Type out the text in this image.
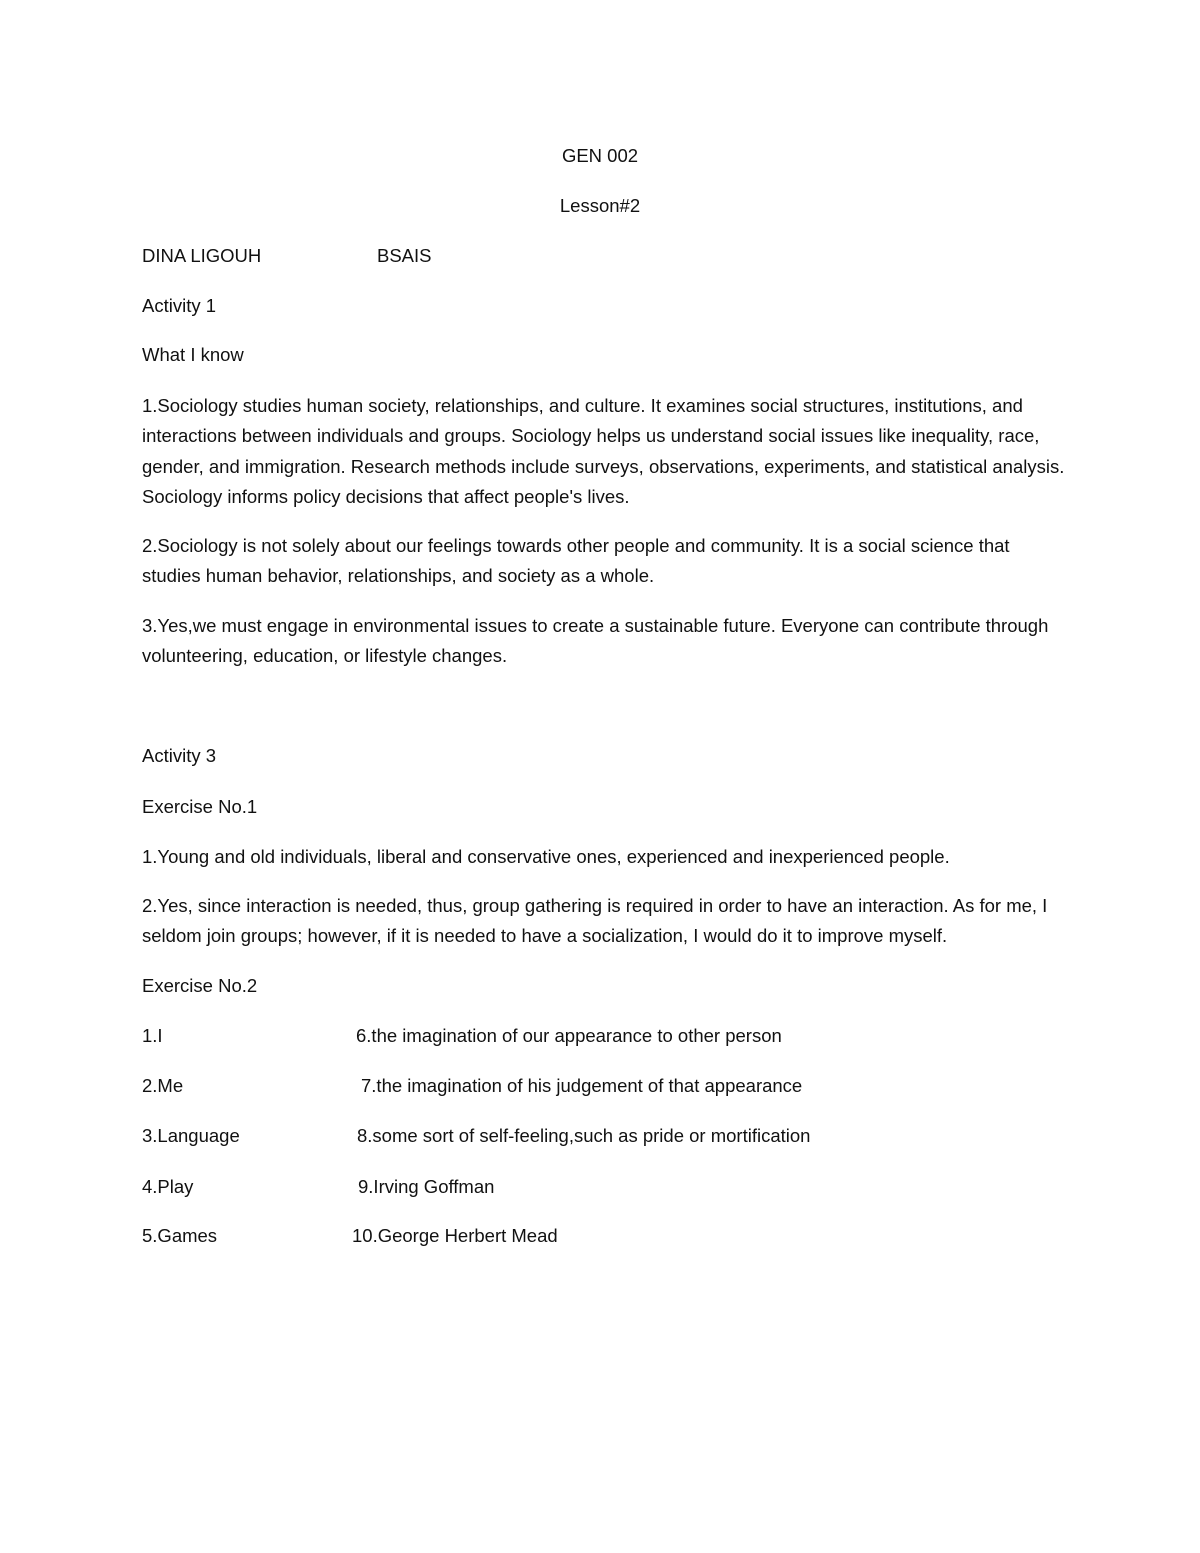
GEN 002
Lesson#2
DINA LIGOUH	BSAIS
Activity 1
What I know
1.Sociology studies human society, relationships, and culture. It examines social structures, institutions, and interactions between individuals and groups. Sociology helps us understand social issues like inequality, race, gender, and immigration. Research methods include surveys, observations, experiments, and statistical analysis. Sociology informs policy decisions that affect people's lives.
2.Sociology is not solely about our feelings towards other people and community. It is a social science that studies human behavior, relationships, and society as a whole.
3.Yes,we must engage in environmental issues to create a sustainable future. Everyone can contribute through volunteering, education, or lifestyle changes.
Activity 3
Exercise No.1
1.Young and old individuals, liberal and conservative ones, experienced and inexperienced people.
2.Yes, since interaction is needed, thus, group gathering is required in order to have an interaction. As for me, I seldom join groups; however, if it is needed to have a socialization, I would do it to improve myself.
Exercise No.2
1.I	6.the imagination of our appearance to other person
2.Me	7.the imagination of his judgement of that appearance
3.Language	8.some sort of self-feeling,such as pride or mortification
4.Play	9.Irving Goffman
5.Games	10.George Herbert Mead
